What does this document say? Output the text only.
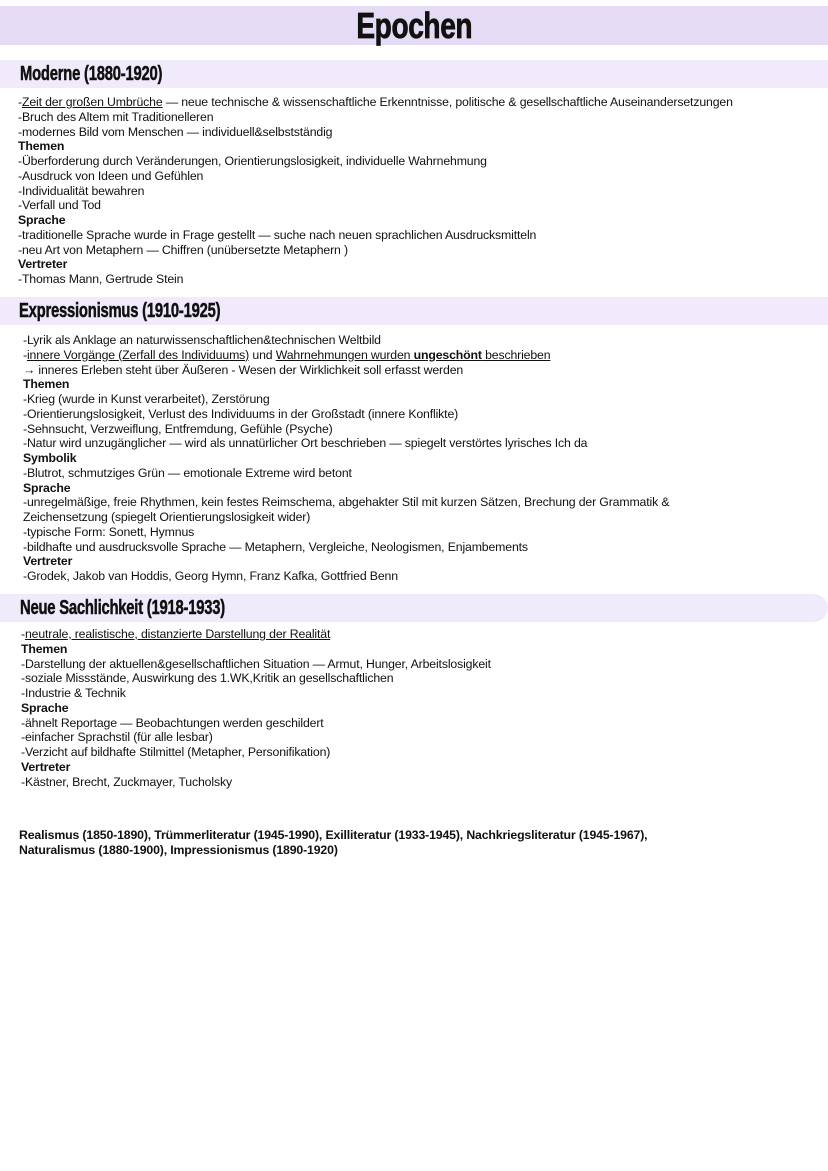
Epochen
Moderne (1880-1920)
-Zeit der großen Umbrüche — neue technische & wissenschaftliche Erkenntnisse, politische & gesellschaftliche Auseinandersetzungen
-Bruch des Altem mit Traditionelleren
-modernes Bild vom Menschen — individuell&selbstständig
Themen
-Überforderung durch Veränderungen, Orientierungslosigkeit, individuelle Wahrnehmung
-Ausdruck von Ideen und Gefühlen
-Individualität bewahren
-Verfall und Tod
Sprache
-traditionelle Sprache wurde in Frage gestellt — suche nach neuen sprachlichen Ausdrucksmitteln
-neu Art von Metaphern — Chiffren (unübersetzte Metaphern )
Vertreter
-Thomas Mann, Gertrude Stein
Expressionismus (1910-1925)
-Lyrik als Anklage an naturwissenschaftlichen&technischen Weltbild
-innere Vorgänge (Zerfall des Individuums) und Wahrnehmungen wurden ungeschönt beschrieben
→ inneres Erleben steht über Äußeren - Wesen der Wirklichkeit soll erfasst werden
Themen
-Krieg (wurde in Kunst verarbeitet), Zerstörung
-Orientierungslosigkeit, Verlust des Individuums in der Großstadt (innere Konflikte)
-Sehnsucht, Verzweiflung, Entfremdung, Gefühle (Psyche)
-Natur wird unzugänglicher — wird als unnatürlicher Ort beschrieben — spiegelt verstörtes lyrisches Ich da
Symbolik
-Blutrot, schmutziges Grün — emotionale Extreme wird betont
Sprache
-unregelmäßige, freie Rhythmen, kein festes Reimschema, abgehakter Stil mit kurzen Sätzen, Brechung der Grammatik &
Zeichensetzung (spiegelt Orientierungslosigkeit wider)
-typische Form: Sonett, Hymnus
-bildhafte und ausdrucksvolle Sprache — Metaphern, Vergleiche, Neologismen, Enjambements
Vertreter
-Grodek, Jakob van Hoddis, Georg Hymn, Franz Kafka, Gottfried Benn
Neue Sachlichkeit (1918-1933)
-neutrale, realistische, distanzierte Darstellung der Realität
Themen
-Darstellung der aktuellen&gesellschaftlichen Situation — Armut, Hunger, Arbeitslosigkeit
-soziale Missstände, Auswirkung des 1.WK,Kritik an gesellschaftlichen
-Industrie & Technik
Sprache
-ähnelt Reportage — Beobachtungen werden geschildert
-einfacher Sprachstil (für alle lesbar)
-Verzicht auf bildhafte Stilmittel (Metapher, Personifikation)
Vertreter
-Kästner, Brecht, Zuckmayer, Tucholsky
Realismus (1850-1890), Trümmerliteratur (1945-1990), Exilliteratur (1933-1945), Nachkriegsliteratur (1945-1967),
Naturalismus (1880-1900), Impressionismus (1890-1920)
